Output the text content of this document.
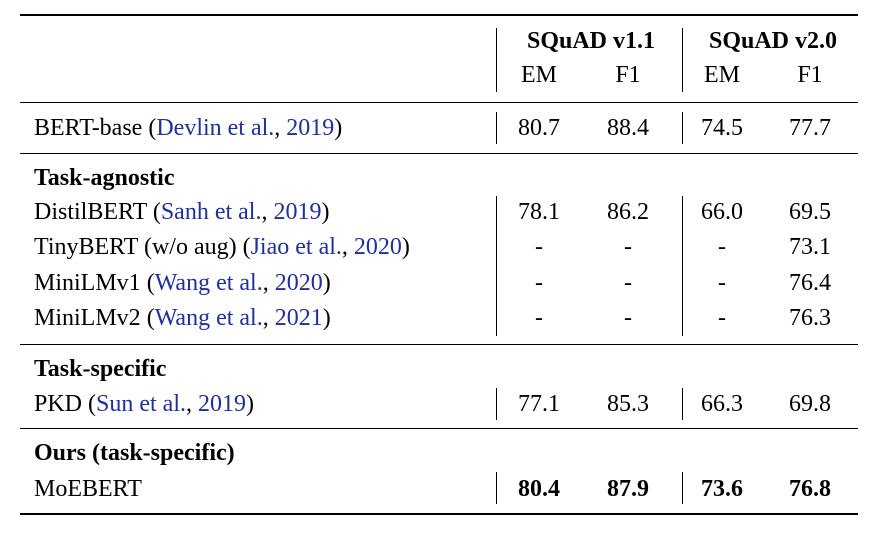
SQuAD v1.1	SQuAD v2.0
EM	F1	EM	F1
BERT-base (Devlin et al., 2019)	80.7	88.4	74.5	77.7
Task-agnostic
DistilBERT (Sanh et al., 2019)	78.1	86.2	66.0	69.5
TinyBERT (w/o aug) (Jiao et al., 2020)	-	-	-	73.1
MiniLMv1 (Wang et al., 2020)	-	-	-	76.4
MiniLMv2 (Wang et al., 2021)	-	-	-	76.3
Task-specific
PKD (Sun et al., 2019)	77.1	85.3	66.3	69.8
Ours (task-specific)
MoEBERT	80.4	87.9	73.6	76.8
